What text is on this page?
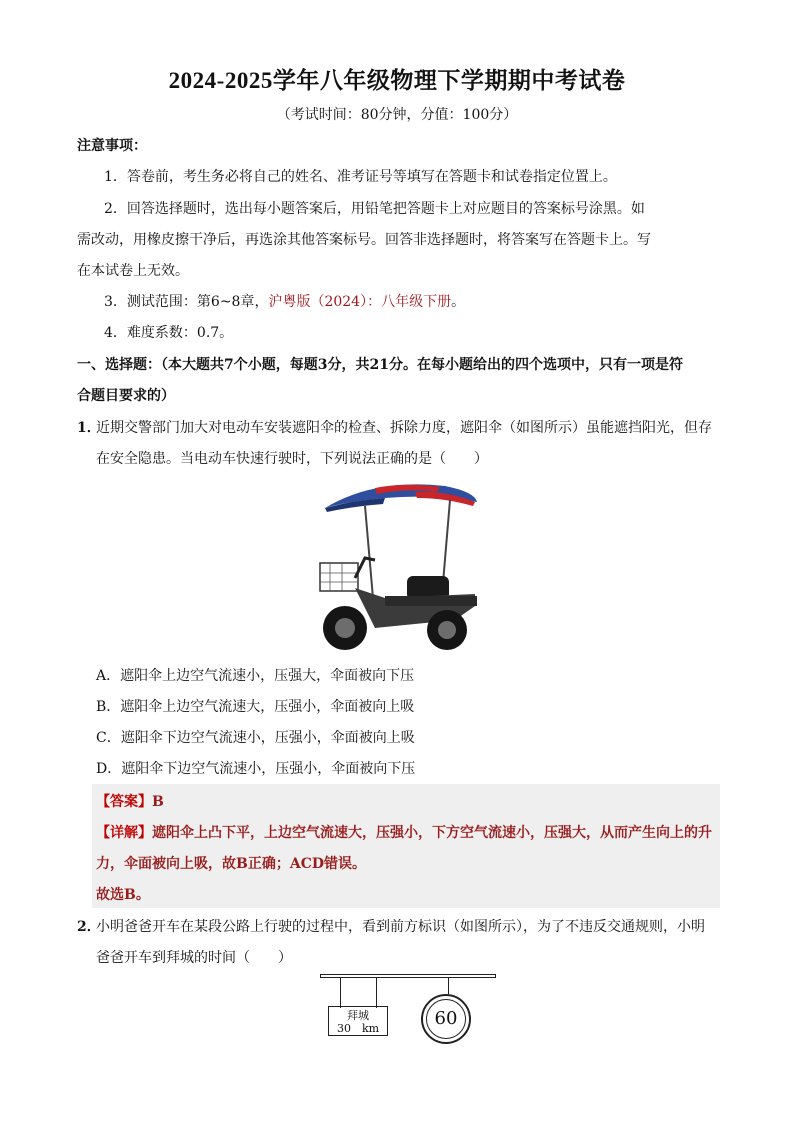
2024-2025学年八年级物理下学期期中考试卷
（考试时间：80分钟，分值：100分）
注意事项：
1．答卷前，考生务必将自己的姓名、准考证号等填写在答题卡和试卷指定位置上。
2．回答选择题时，选出每小题答案后，用铅笔把答题卡上对应题目的答案标号涂黑。如
需改动，用橡皮擦干净后，再选涂其他答案标号。回答非选择题时，将答案写在答题卡上。写
在本试卷上无效。
3．测试范围：第6~8章，沪粤版（2024）：八年级下册。
4．难度系数：0.7。
一、选择题：（本大题共7个小题，每题3分，共21分。在每小题给出的四个选项中，只有一项是符
合题目要求的）
1．
近期交警部门加大对电动车安装遮阳伞的检查、拆除力度，遮阳伞（如图所示）虽能遮挡阳光，但存
在安全隐患。当电动车快速行驶时，下列说法正确的是（　　）
A．遮阳伞上边空气流速小，压强大，伞面被向下压
B．遮阳伞上边空气流速大，压强小，伞面被向上吸
C．遮阳伞下边空气流速小，压强小，伞面被向上吸
D．遮阳伞下边空气流速小，压强小，伞面被向下压
【答案】B
【详解】遮阳伞上凸下平，上边空气流速大，压强小，下方空气流速小，压强大，从而产生向上的升
力，伞面被向上吸，故B正确；ACD错误。
故选B。
2．
小明爸爸开车在某段公路上行驶的过程中，看到前方标识（如图所示），为了不违反交通规则，小明
爸爸开车到拜城的时间（　　）
拜城
30　km	60
